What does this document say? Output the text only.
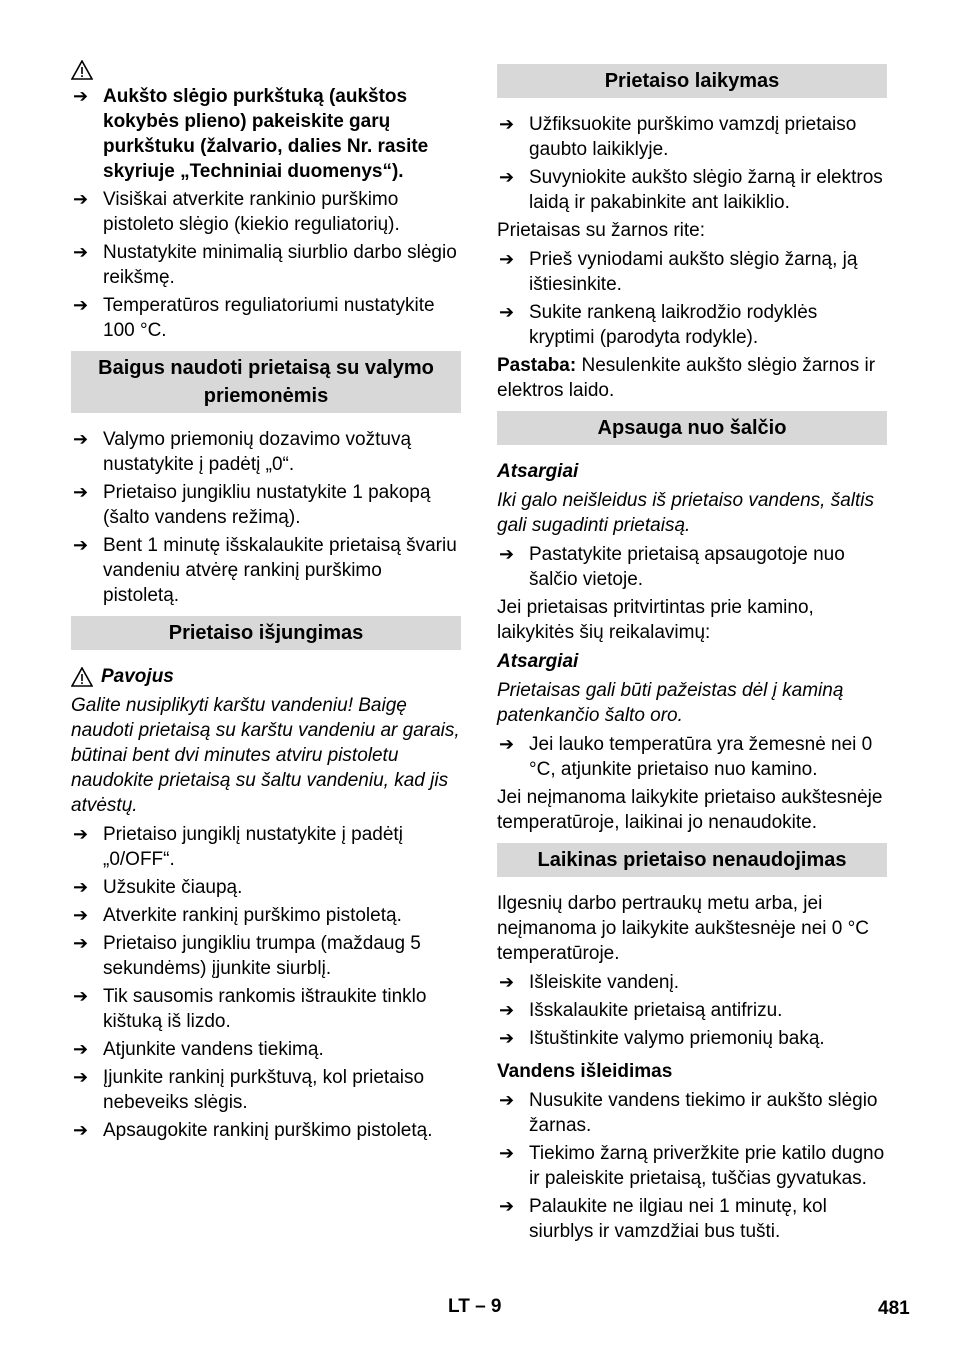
➔ Aukšto slėgio purkštuką (aukštos kokybės plieno) pakeiskite garų purkštuku (žalvario, dalies Nr. rasite skyriuje „Techniniai duomenys“).
➔ Visiškai atverkite rankinio purškimo pistoleto slėgio (kiekio reguliatorių).
➔ Nustatykite minimalią siurblio darbo slėgio reikšmę.
➔ Temperatūros reguliatoriumi nustatykite 100 °C.
Baigus naudoti prietaisą su valymo priemonėmis
➔ Valymo priemonių dozavimo vožtuvą nustatykite į padėtį „0“.
➔ Prietaiso jungikliu nustatykite 1 pakopą (šalto vandens režimą).
➔ Bent 1 minutę išskalaukite prietaisą švariu vandeniu atvėrę rankinį purškimo pistoletą.
Prietaiso išjungimas
Pavojus

Galite nusiplikyti karštu vandeniu! Baigę naudoti prietaisą su karštu vandeniu ar garais, būtinai bent dvi minutes atviru pistoletu naudokite prietaisą su šaltu vandeniu, kad jis atvėstų.

➔ Prietaiso jungiklį nustatykite į padėtį „0/OFF“.
➔ Užsukite čiaupą.
➔ Atverkite rankinį purškimo pistoletą.
➔ Prietaiso jungikliu trumpa (maždaug 5 sekundėms) įjunkite siurblį.
➔ Tik sausomis rankomis ištraukite tinklo kištuką iš lizdo.
➔ Atjunkite vandens tiekimą.
➔ Įjunkite rankinį purkštuvą, kol prietaiso nebeveiks slėgis.
➔ Apsaugokite rankinį purškimo pistoletą.
Prietaiso laikymas
➔ Užfiksuokite purškimo vamzdį prietaiso gaubto laikiklyje.
➔ Suvyniokite aukšto slėgio žarną ir elektros laidą ir pakabinkite ant laikiklio.

Prietaisas su žarnos rite:

➔ Prieš vyniodami aukšto slėgio žarną, ją ištiesinkite.
➔ Sukite rankeną laikrodžio rodyklės kryptimi (parodyta rodykle).

Pastaba: Nesulenkite aukšto slėgio žarnos ir elektros laido.

Apsauga nuo šalčio

Atsargiai

Iki galo neišleidus iš prietaiso vandens, šaltis gali sugadinti prietaisą.

➔ Pastatykite prietaisą apsaugotoje nuo šalčio vietoje.

Jei prietaisas pritvirtintas prie kamino, laikykitės šių reikalavimų:

Atsargiai

Prietaisas gali būti pažeistas dėl į kaminą patenkančio šalto oro.

➔ Jei lauko temperatūra yra žemesnė nei 0 °C, atjunkite prietaiso nuo kamino.

Jei neįmanoma laikykite prietaiso aukštesnėje temperatūroje, laikinai jo nenaudokite.

Laikinas prietaiso nenaudojimas

Ilgesnių darbo pertraukų metu arba, jei neįmanoma jo laikykite aukštesnėje nei 0 °C temperatūroje.

➔ Išleiskite vandenį.
➔ Išskalaukite prietaisą antifrizu.
➔ Ištuštinkite valymo priemonių baką.

Vandens išleidimas

➔ Nusukite vandens tiekimo ir aukšto slėgio žarnas.
➔ Tiekimo žarną priveržkite prie katilo dugno ir paleiskite prietaisą, tuščias gyvatukas.
➔ Palaukite ne ilgiau nei 1 minutę, kol siurblys ir vamzdžiai bus tušti.
LT – 9	481
